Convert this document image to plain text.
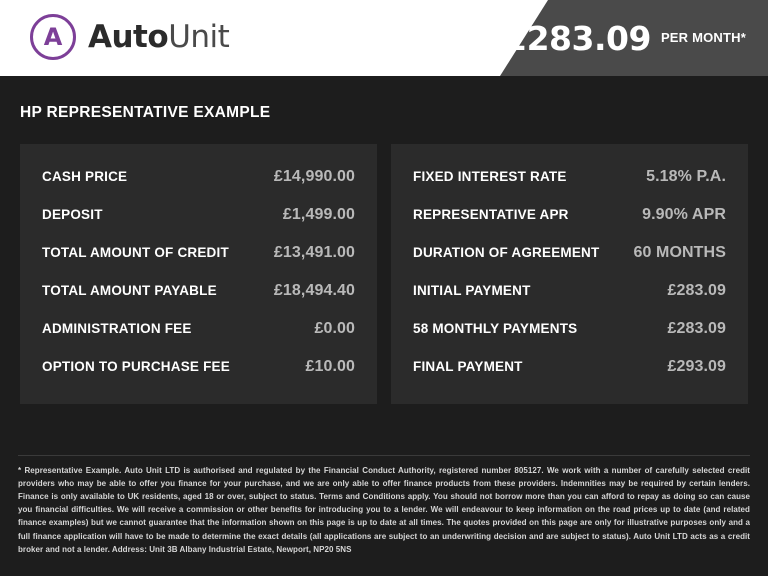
A AutoUnit	£283.09 PER MONTH*
HP REPRESENTATIVE EXAMPLE
CASH PRICE	£14,990.00
DEPOSIT	£1,499.00
TOTAL AMOUNT OF CREDIT	£13,491.00
TOTAL AMOUNT PAYABLE	£18,494.40
ADMINISTRATION FEE	£0.00
OPTION TO PURCHASE FEE	£10.00
FIXED INTEREST RATE	5.18% P.A.
REPRESENTATIVE APR	9.90% APR
DURATION OF AGREEMENT 60 MONTHS
INITIAL PAYMENT	£283.09
58 MONTHLY PAYMENTS	£283.09
FINAL PAYMENT	£293.09

* Representative Example. Auto Unit LTD is authorised and regulated by the Financial Conduct Authority, registered number 805127. We work with a number of carefully selected credit providers who may be able to offer you finance for your purchase, and we are only able to offer finance products from these providers. Indemnities may be required by certain lenders. Finance is only available to UK residents, aged 18 or over, subject to status. Terms and Conditions apply. You should not borrow more than you can afford to repay as doing so can cause you financial difficulties. We will receive a commission or other benefits for introducing you to a lender. We will endeavour to keep information on the road prices up to date (and related finance examples) but we cannot guarantee that the information shown on this page is up to date at all times. The quotes provided on this page are only for illustrative purposes only and a full finance application will have to be made to determine the exact details (all applications are subject to an underwriting decision and are subject to status). Auto Unit LTD acts as a credit broker and not a lender. Address: Unit 3B Albany Industrial Estate, Newport, NP20 5NS
